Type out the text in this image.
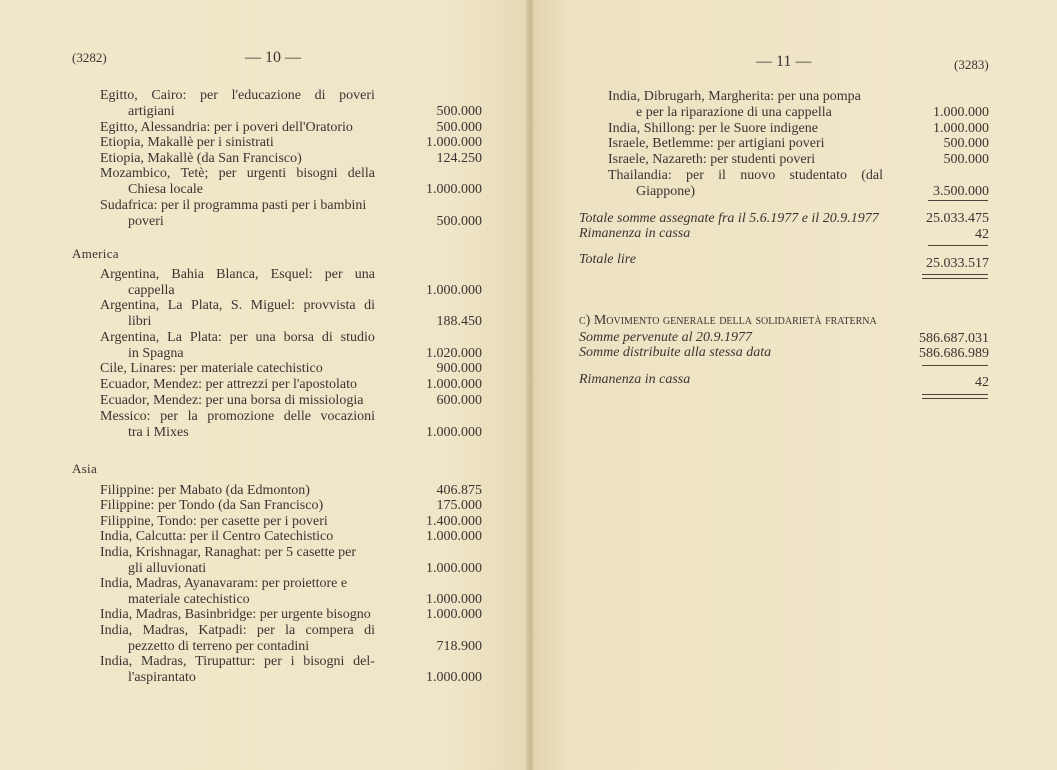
(3282)	— 10 —
Egitto, Cairo: per l'educazione di poveri
artigiani	500.000
Egitto, Alessandria: per i poveri dell'Oratorio	500.000
Etiopia, Makallè per i sinistrati	1.000.000
Etiopia, Makallè (da San Francisco)	124.250
Mozambico, Tetè; per urgenti bisogni della
Chiesa locale	1.000.000
Sudafrica: per il programma pasti per i bambini
poveri	500.000
America
Argentina, Bahia Blanca, Esquel: per una
cappella	1.000.000
Argentina, La Plata, S. Miguel: provvista di
libri	188.450
Argentina, La Plata: per una borsa di studio
in Spagna	1.020.000
Cile, Linares: per materiale catechistico	900.000
Ecuador, Mendez: per attrezzi per l'apostolato	1.000.000
Ecuador, Mendez: per una borsa di missiologia	600.000
Messico: per la promozione delle vocazioni
tra i Mixes	1.000.000
Asia
Filippine: per Mabato (da Edmonton)	406.875
Filippine: per Tondo (da San Francisco)	175.000
Filippine, Tondo: per casette per i poveri	1.400.000
India, Calcutta: per il Centro Catechistico	1.000.000
India, Krishnagar, Ranaghat: per 5 casette per
gli alluvionati	1.000.000
India, Madras, Ayanavaram: per proiettore e
materiale catechistico	1.000.000
India, Madras, Basinbridge: per urgente bisogno	1.000.000
India, Madras, Katpadi: per la compera di
pezzetto di terreno per contadini	718.900
India, Madras, Tirupattur: per i bisogni del-
l'aspirantato	1.000.000
— 11 —	(3283)
India, Dibrugarh, Margherita: per una pompa
e per la riparazione di una cappella	1.000.000
India, Shillong: per le Suore indigene	1.000.000
Israele, Betlemme: per artigiani poveri	500.000
Israele, Nazareth: per studenti poveri	500.000
Thailandia: per il nuovo studentato (dal
Giappone)	3.500.000
Totale somme assegnate fra il 5.6.1977 e il 20.9.1977	25.033.475
Rimanenza in cassa	42
Totale lire	25.033.517
c) Movimento generale della solidarietà fraterna
Somme pervenute al 20.9.1977	586.687.031
Somme distribuite alla stessa data	586.686.989
Rimanenza in cassa	42
